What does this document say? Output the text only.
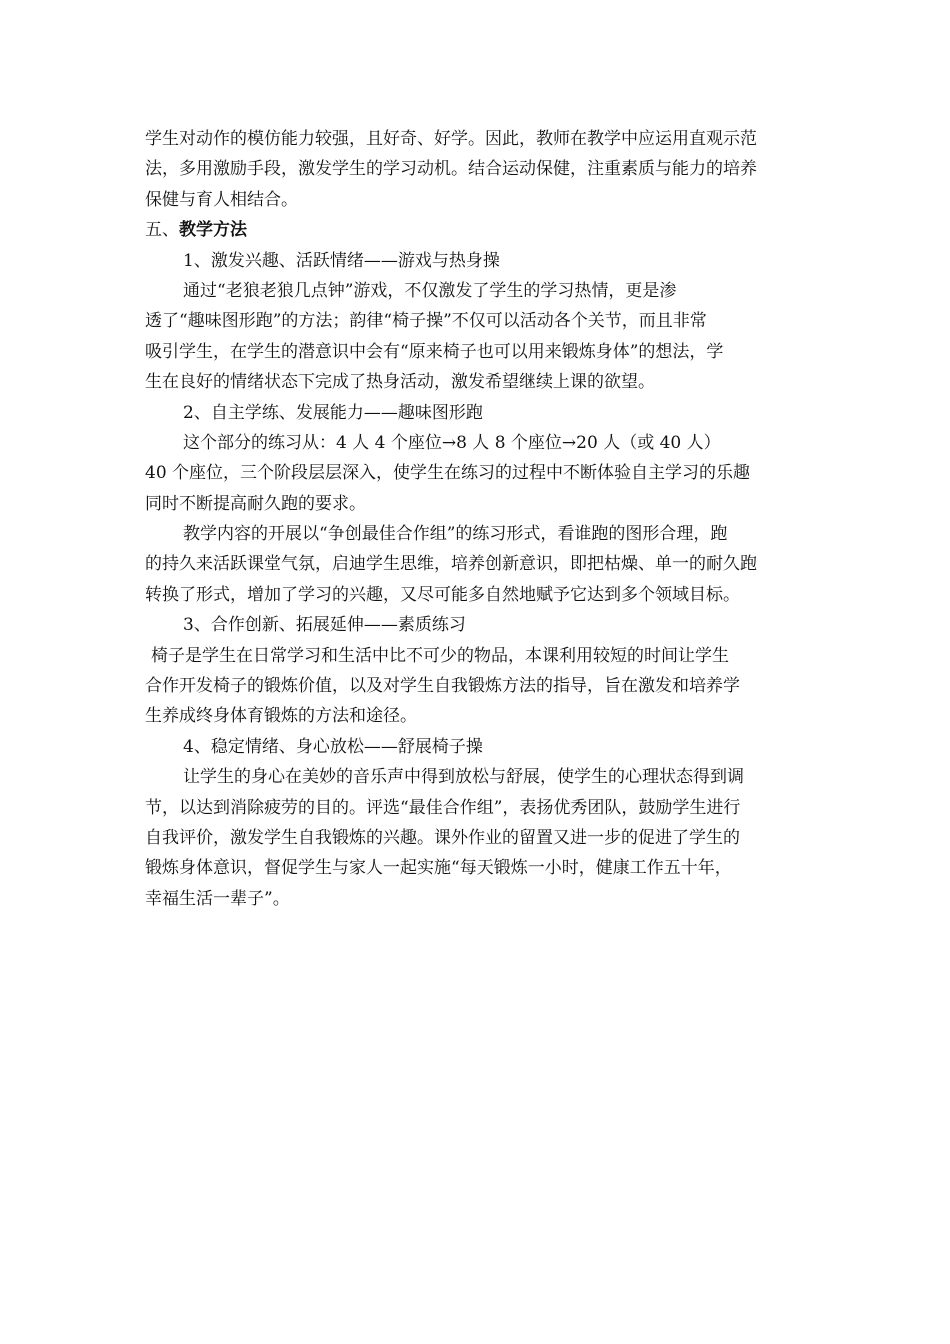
学生对动作的模仿能力较强，且好奇、好学。因此，教师在教学中应运用直观示范
法，多用激励手段，激发学生的学习动机。结合运动保健，注重素质与能力的培养
保健与育人相结合。
五、教学方法
1、激发兴趣、活跃情绪——游戏与热身操
通过“老狼老狼几点钟”游戏，不仅激发了学生的学习热情，更是渗
透了“趣味图形跑”的方法；韵律“椅子操”不仅可以活动各个关节，而且非常
吸引学生，在学生的潜意识中会有“原来椅子也可以用来锻炼身体”的想法，学
生在良好的情绪状态下完成了热身活动，激发希望继续上课的欲望。
2、自主学练、发展能力——趣味图形跑
这个部分的练习从：4 人 4 个座位→8 人 8 个座位→20 人（或 40 人）
40 个座位，三个阶段层层深入，使学生在练习的过程中不断体验自主学习的乐趣
同时不断提高耐久跑的要求。
教学内容的开展以“争创最佳合作组”的练习形式，看谁跑的图形合理，跑
的持久来活跃课堂气氛，启迪学生思维，培养创新意识，即把枯燥、单一的耐久跑
转换了形式，增加了学习的兴趣，又尽可能多自然地赋予它达到多个领域目标。
3、合作创新、拓展延伸——素质练习
椅子是学生在日常学习和生活中比不可少的物品，本课利用较短的时间让学生
合作开发椅子的锻炼价值，以及对学生自我锻炼方法的指导，旨在激发和培养学
生养成终身体育锻炼的方法和途径。
4、稳定情绪、身心放松——舒展椅子操
让学生的身心在美妙的音乐声中得到放松与舒展，使学生的心理状态得到调
节，以达到消除疲劳的目的。评选“最佳合作组”，表扬优秀团队，鼓励学生进行
自我评价，激发学生自我锻炼的兴趣。课外作业的留置又进一步的促进了学生的
锻炼身体意识，督促学生与家人一起实施“每天锻炼一小时，健康工作五十年，
幸福生活一辈子”。
